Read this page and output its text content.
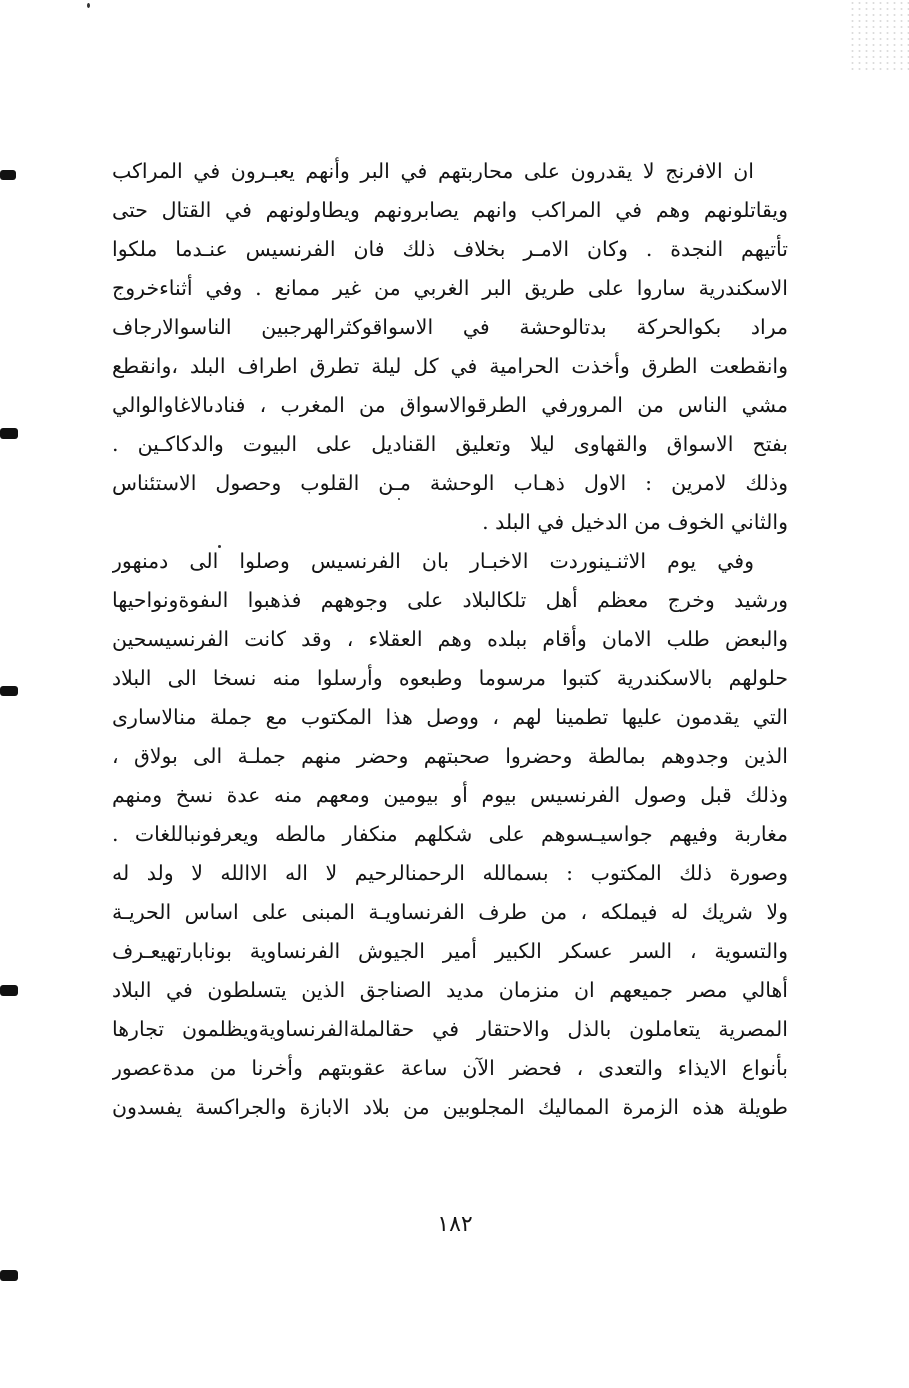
ان الافرنج لا يقدرون على محاربتهم في البر وأنهم يعبـرون في المراكب
ويقاتلونهم وهم في المراكب وانهم يصابرونهم ويطاولونهم في القتال حتى
تأتيهم النجدة . وكان الامـر بخلاف ذلك فان الفرنسيس عنـدما ملكوا
الاسكندرية ساروا على طريق البر الغربي من غير ممانع . وفي أثناءخروج
مراد بكوالحركة بدتالوحشة في الاسواقوكثرالهرجبين الناسوالارجاف
وانقطعت الطرق وأخذت الحرامية في كل ليلة تطرق اطراف البلد ،وانقطع
مشي الناس من المرورفي الطرقوالاسواق من المغرب ، فنادىالاغاوالوالي
بفتح الاسواق والقهاوى ليلا وتعليق القناديل على البيوت والدكاكـين .
وذلك لامرين : الاول ذهـاب الوحشة مـن القلوب وحصول الاستئناس
والثاني الخوف من الدخيل في البلد .
وفي يوم الاثنـينوردت الاخبـار بان الفرنسيس وصلوا الى دمنهور
ورشيد وخرج معظم أهل تلكالبلاد على وجوههم فذهبوا الىفوةونواحيها
والبعض طلب الامان وأقام ببلده وهم العقلاء ، وقد كانت الفرنسيسحين
حلولهم بالاسكندرية كتبوا مرسوما وطبعوه وأرسلوا منه نسخا الى البلاد
التي يقدمون عليها تطمينا لهم ، ووصل هذا المكتوب مع جملة منالاسارى
الذين وجدوهم بمالطة وحضروا صحبتهم وحضر منهم جملـة الى بولاق ،
وذلك قبل وصول الفرنسيس بيوم أو بيومين ومعهم منه عدة نسخ ومنهم
مغاربة وفيهم جواسيـسوهم على شكلهم منكفار مالطه ويعرفونباللغات .
وصورة ذلك المكتوب : بسمالله الرحمنالرحيم لا اله الاالله لا ولد له
ولا شريك له فيملكه ، من طرف الفرنساويـة المبنى على اساس الحريـة
والتسوية ، السر عسكر الكبير أمير الجيوش الفرنساوية بونابارتهيعـرف
أهالي مصر جميعهم ان منزمان مديد الصناجق الذين يتسلطون في البلاد
المصرية يتعاملون بالذل والاحتقار في حقالملةالفرنساويةويظلمون تجارها
بأنواع الايذاء والتعدى ، فحضر الآن ساعة عقوبتهم وأخرنا من مدةعصور
طويلة هذه الزمرة المماليك المجلوبين من بلاد الابازة والجراكسة يفسدون
١٨٢
